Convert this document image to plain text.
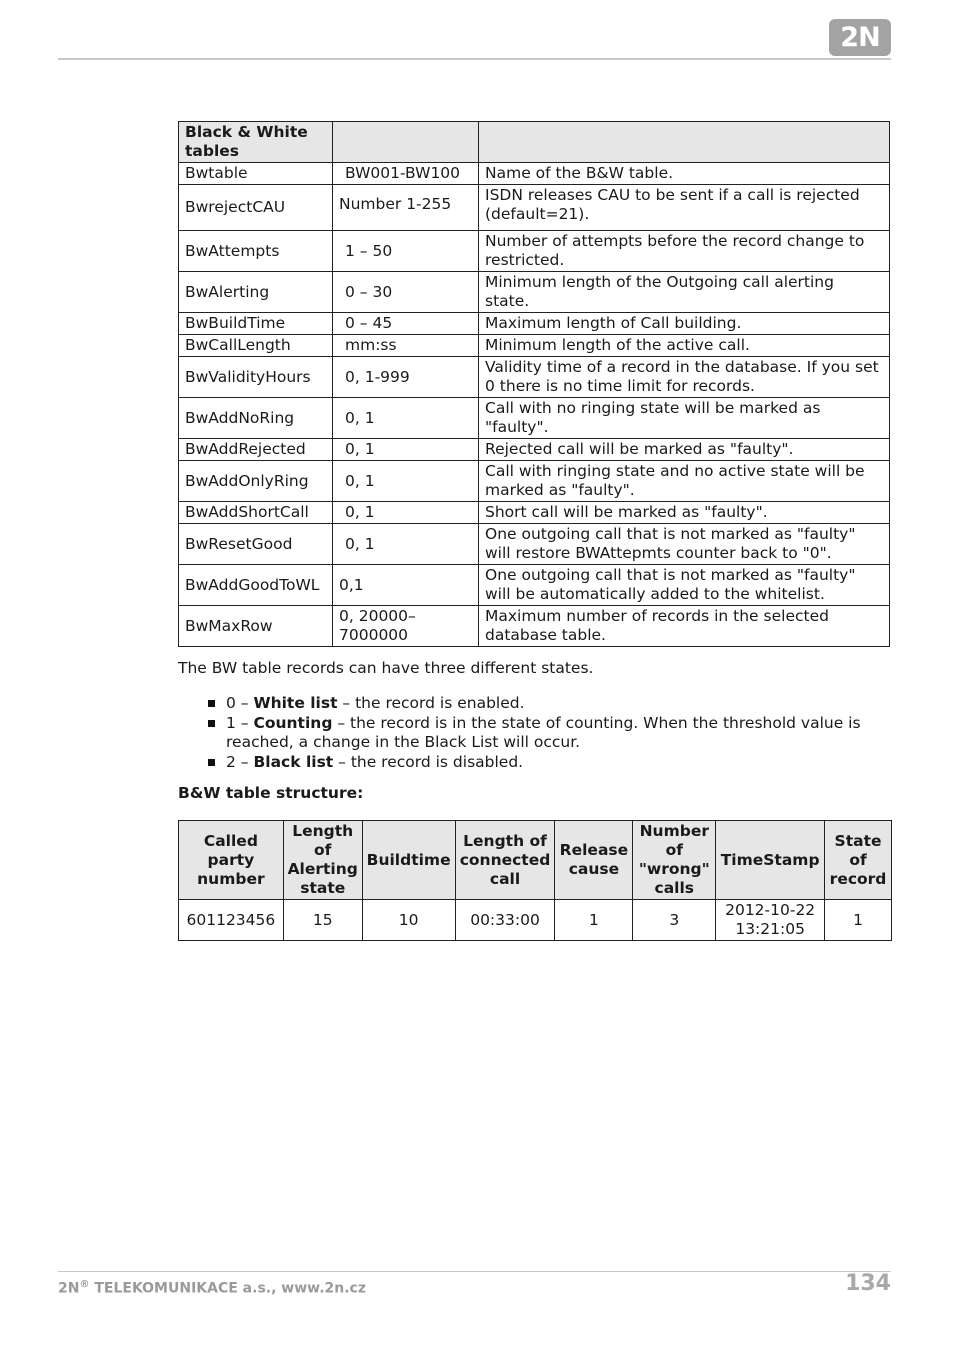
2N
Black & White tables		
Bwtable	BW001-BW100	Name of the B&W table.
BwrejectCAU	Number 1-255	ISDN releases CAU to be sent if a call is rejected (default=21).
BwAttempts	1 – 50	Number of attempts before the record change to restricted.
BwAlerting	0 – 30	Minimum length of the Outgoing call alerting state.
BwBuildTime	0 – 45	Maximum length of Call building.
BwCallLength	mm:ss	Minimum length of the active call.
BwValidityHours	0, 1-999	Validity time of a record in the database. If you set 0 there is no time limit for records.
BwAddNoRing	0, 1	Call with no ringing state will be marked as "faulty".
BwAddRejected	0, 1	Rejected call will be marked as "faulty".
BwAddOnlyRing	0, 1	Call with ringing state and no active state will be marked as "faulty".
BwAddShortCall	0, 1	Short call will be marked as "faulty".
BwResetGood	0, 1	One outgoing call that is not marked as "faulty" will restore BWAttepmts counter back to "0".
BwAddGoodToWL	0,1	One outgoing call that is not marked as "faulty" will be automatically added to the whitelist.
BwMaxRow	0, 20000–7000000	Maximum number of records in the selected database table.

The BW table records can have three different states.

0 – White list – the record is enabled.
1 – Counting – the record is in the state of counting. When the threshold value is reached, a change in the Black List will occur.
2 – Black list – the record is disabled.
B&W table structure:
Called party number	Length of Alerting state	Buildtime	Length of connected call	Release cause	Number of "wrong" calls	TimeStamp	State of record
601123456	15	10	00:33:00	1	3	2012-10-22 13:21:05	1
2N® TELEKOMUNIKACE a.s., www.2n.cz	134
